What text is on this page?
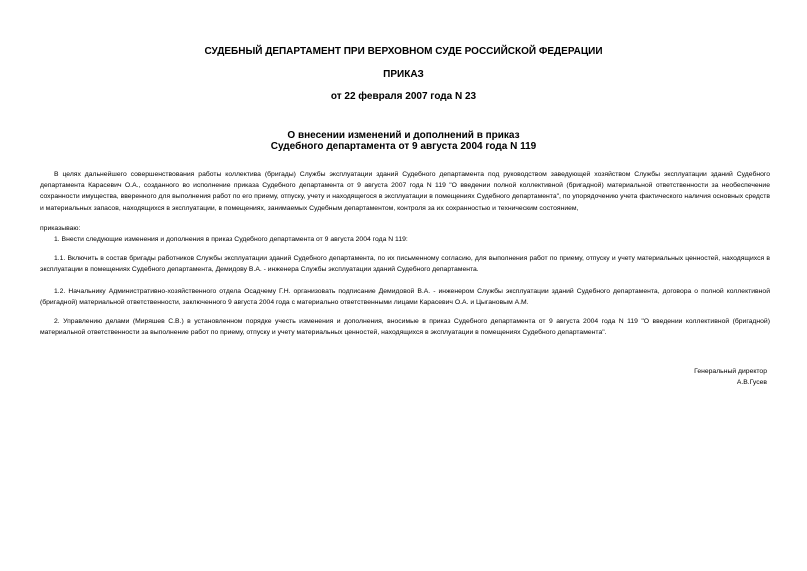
СУДЕБНЫЙ ДЕПАРТАМЕНТ ПРИ ВЕРХОВНОМ СУДЕ РОССИЙСКОЙ ФЕДЕРАЦИИ
ПРИКАЗ
от 22 февраля 2007 года N 23
О внесении изменений и дополнений в приказ
Судебного департамента от 9 августа 2004 года N 119
В целях дальнейшего совершенствования работы коллектива (бригады) Службы эксплуатации зданий Судебного департамента под руководством заведующей хозяйством Службы эксплуатации зданий Судебного департамента Карасевич О.А., созданного во исполнение приказа Судебного департамента от 9 августа 2007 года N 119 "О введении полной коллективной (бригадной) материальной ответственности за необеспечение сохранности имущества, вверенного для выполнения работ по его приему, отпуску, учету и находящегося в эксплуатации в помещениях Судебного департамента", по упорядочению учета фактического наличия основных средств и материальных запасов, находящихся в эксплуатации, в помещениях, занимаемых Судебным департаментом, контроля за их сохранностью и техническим состоянием,
приказываю:
1. Внести следующие изменения и дополнения в приказ Судебного департамента от 9 августа 2004 года N 119:
1.1. Включить в состав бригады работников Службы эксплуатации зданий Судебного департамента, по их письменному согласию, для выполнения работ по приему, отпуску и учету материальных ценностей, находящихся в эксплуатации в помещениях Судебного департамента, Демидову В.А. - инженера Службы эксплуатации зданий Судебного департамента.
1.2. Начальнику Административно-хозяйственного отдела Осадчему Г.Н. организовать подписание Демидовой В.А. - инженером Службы эксплуатации зданий Судебного департамента, договора о полной коллективной (бригадной) материальной ответственности, заключенного 9 августа 2004 года с материально ответственными лицами Карасевич О.А. и Цыгановым А.М.
2. Управлению делами (Миряшев С.В.) в установленном порядке учесть изменения и дополнения, вносимые в приказ Судебного департамента от 9 августа 2004 года N 119 "О введении коллективной (бригадной) материальной ответственности за выполнение работ по приему, отпуску и учету материальных ценностей, находящихся в эксплуатации в помещениях Судебного департамента".
Генеральный директор
А.В.Гусев
